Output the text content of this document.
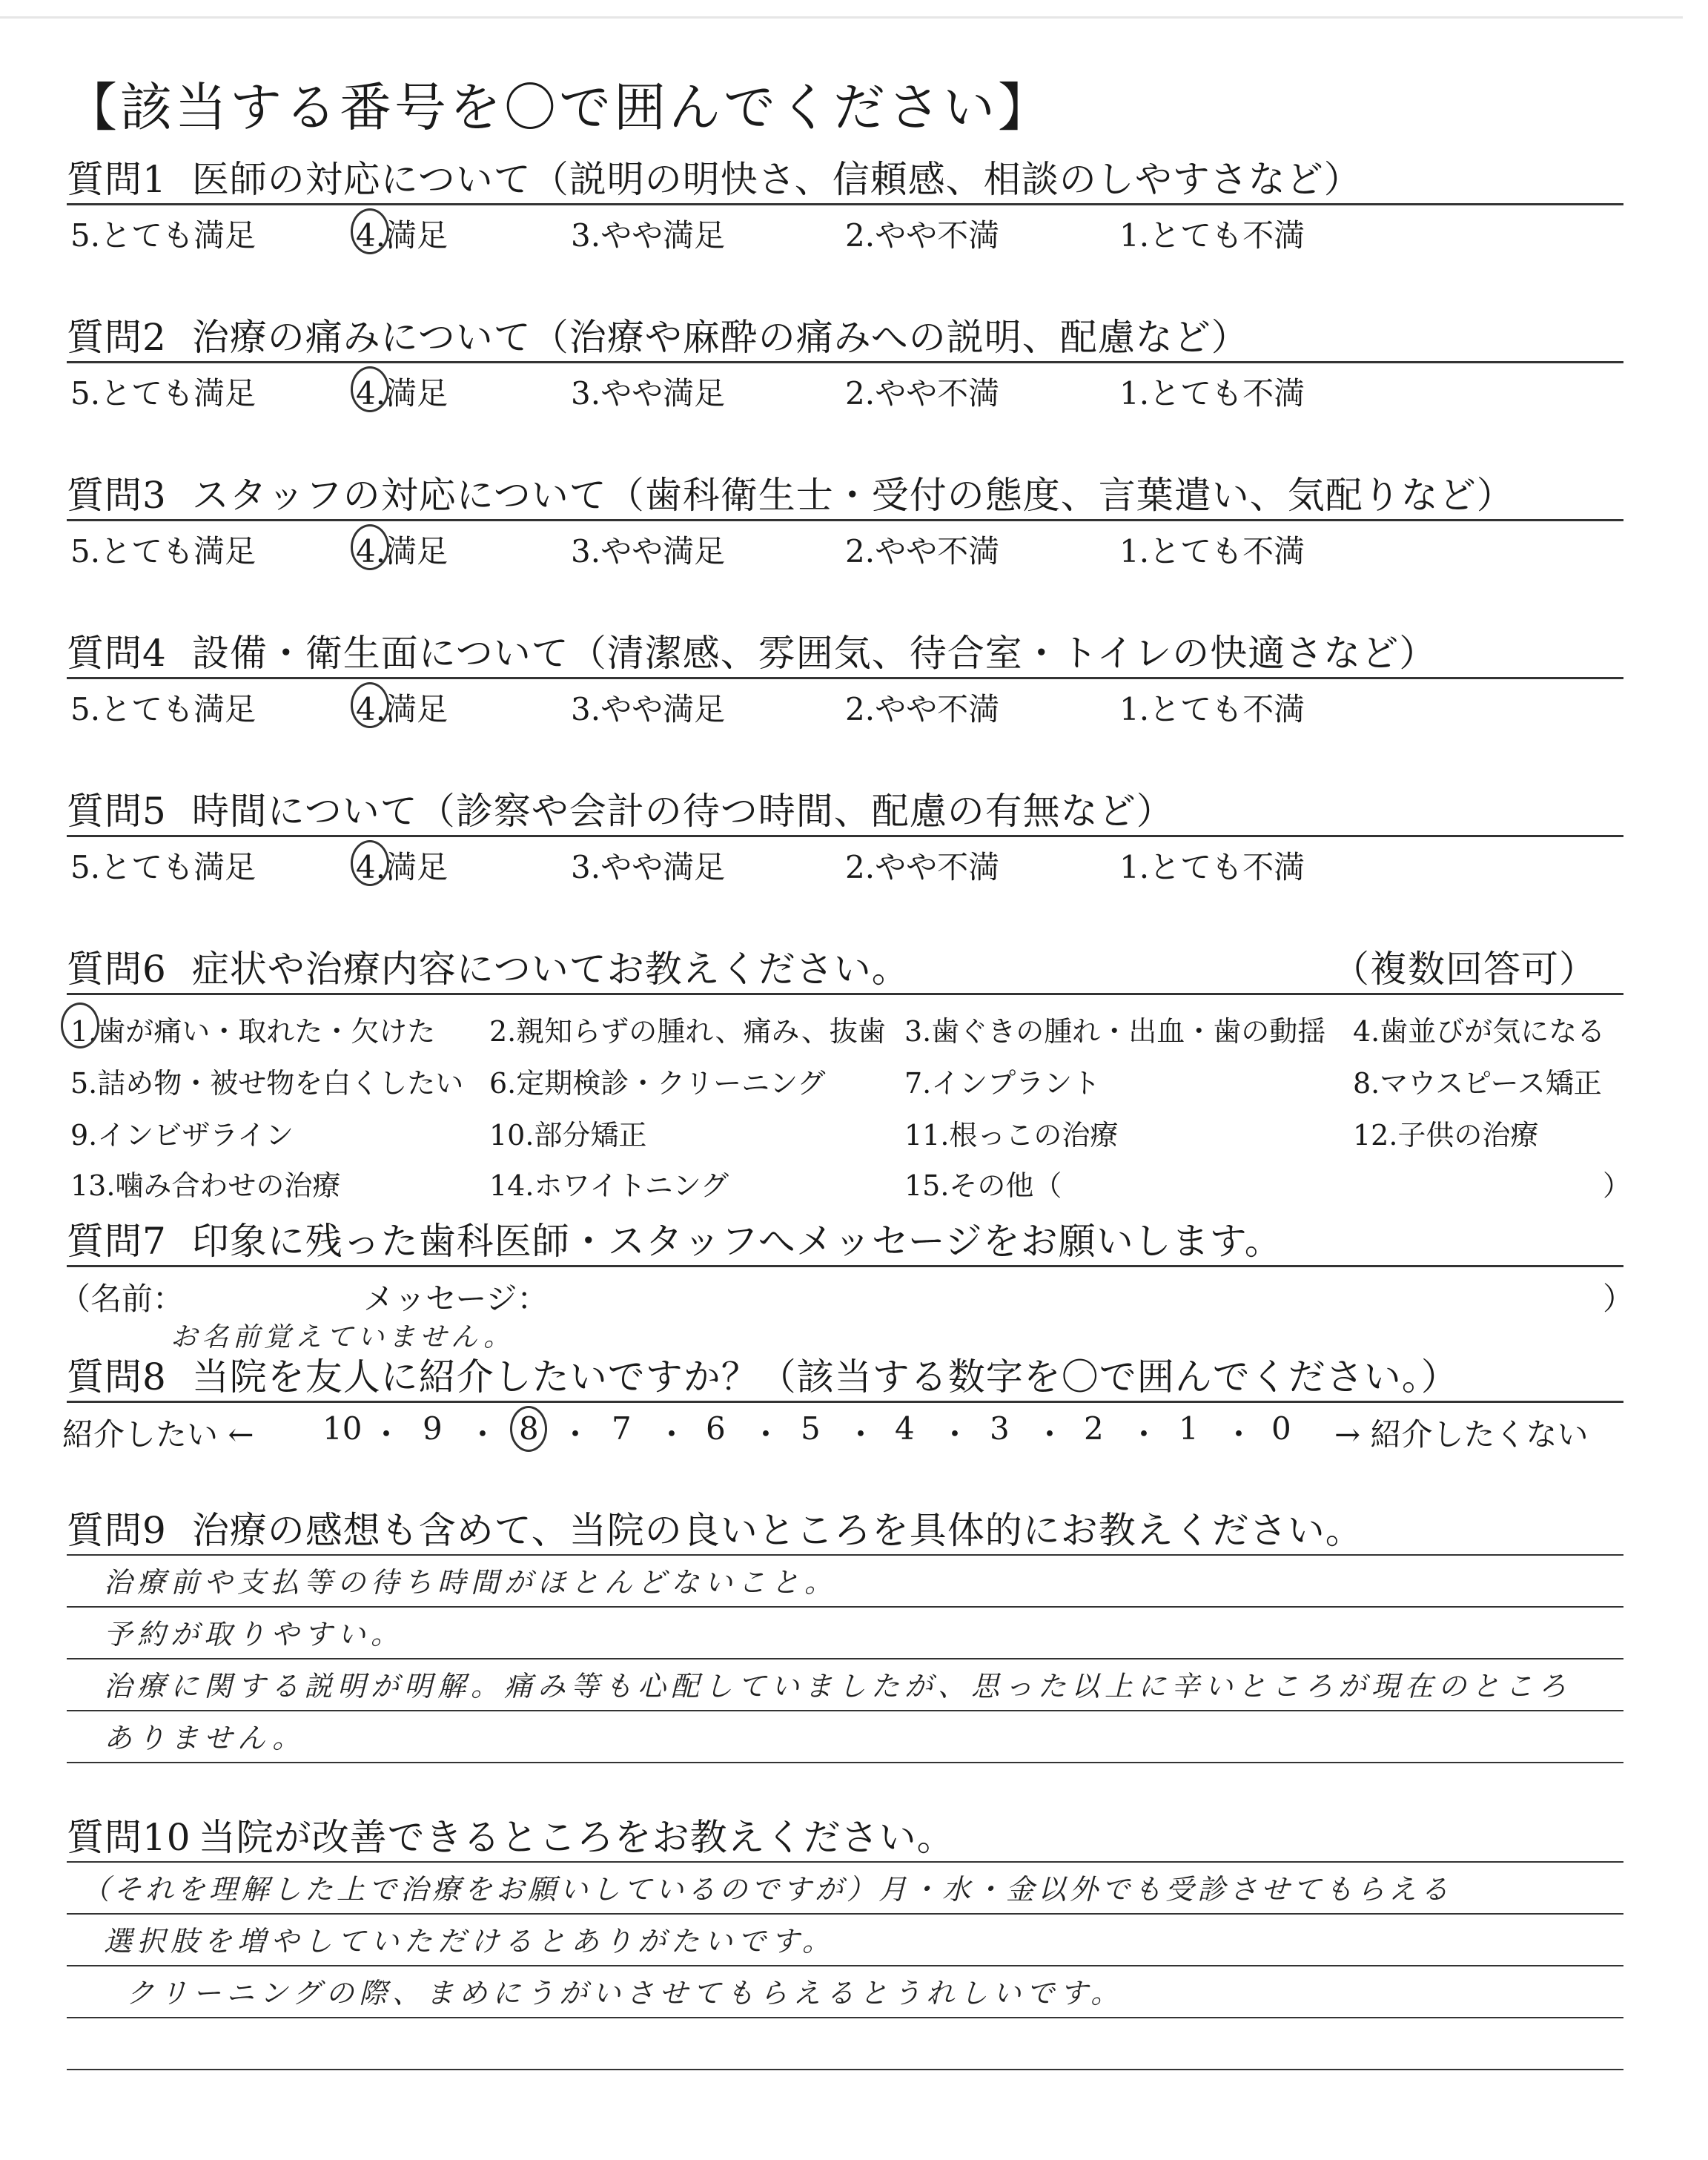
【該当する番号を〇で囲んでください】
質問1 医師の対応について（説明の明快さ、信頼感、相談のしやすさなど）
5.とても満足	4.満足	3.やや満足	2.やや不満	1.とても不満
質問2 治療の痛みについて（治療や麻酔の痛みへの説明、配慮など）
5.とても満足	4.満足	3.やや満足	2.やや不満	1.とても不満
質問3 スタッフの対応について（歯科衛生士・受付の態度、言葉遣い、気配りなど）
5.とても満足	4.満足	3.やや満足	2.やや不満	1.とても不満
質問4 設備・衛生面について（清潔感、雰囲気、待合室・トイレの快適さなど）
5.とても満足	4.満足	3.やや満足	2.やや不満	1.とても不満
質問5 時間について（診察や会計の待つ時間、配慮の有無など）
5.とても満足	4.満足	3.やや満足	2.やや不満	1.とても不満
質問6 症状や治療内容についてお教えください。	（複数回答可）
1.歯が痛い・取れた・欠けた 2.親知らずの腫れ、痛み、抜歯 3.歯ぐきの腫れ・出血・歯の動揺 4.歯並びが気になる
5.詰め物・被せ物を白くしたい 6.定期検診・クリーニング	7.インプラント	8.マウスピース矯正
9.インビザライン	10.部分矯正	11.根っこの治療	12.子供の治療
13.噛み合わせの治療	14.ホワイトニング	15.その他（	）
質問7 印象に残った歯科医師・スタッフへメッセージをお願いします。
（名前：	メッセージ：	）
お名前覚えていません。
質問8 当院を友人に紹介したいですか？（該当する数字を〇で囲んでください。）
紹介したい ← 10 ・ 9 ・ 8 ・ 7 ・ 6 ・ 5 ・ 4 ・ 3 ・ 2 ・ 1 ・ 0 → 紹介したくない
質問9 治療の感想も含めて、当院の良いところを具体的にお教えください。
治療前や支払等の待ち時間がほとんどないこと。
予約が取りやすい。
治療に関する説明が明解。痛み等も心配していましたが、思った以上に辛いところが現在のところ
ありません。
質問10 当院が改善できるところをお教えください。
（それを理解した上で治療をお願いしているのですが）月・水・金以外でも受診させてもらえる
選択肢を増やしていただけるとありがたいです。
クリーニングの際、まめにうがいさせてもらえるとうれしいです。
